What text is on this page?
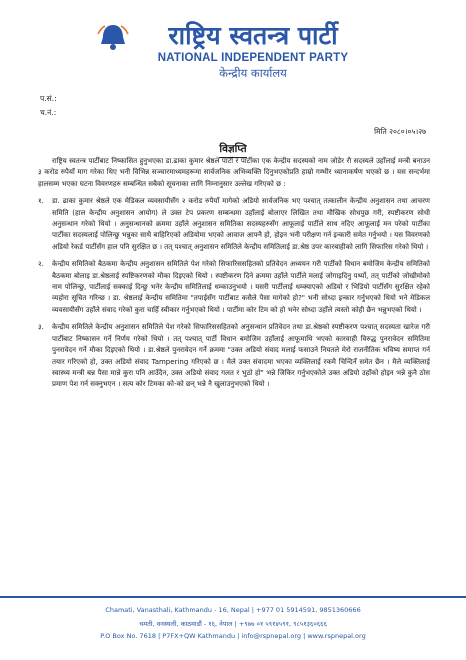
राष्ट्रिय स्वतन्त्र पार्टी
NATIONAL INDEPENDENT PARTY
केन्द्रीय कार्यालय
प.सं.:
च.नं.:
मिति २०८०।०५।२७
विज्ञप्ति

राष्ट्रिय स्वतन्त्र पार्टीबाट निष्कासित हुनुभएका डा.ढाका कुमार श्रेष्ठले पार्टी र पार्टीका एक केन्द्रीय सदस्यको नाम जोडेर रौ सदस्यले उहाँलाई मन्त्री बनाउन ३ करोड रुपैयाँ माग गरेका थिए भनी विभिन्न सञ्चारमाध्यमहरूमा सार्वजनिक अभिव्यक्ति दिनुभएकोप्रति हाम्रो गम्भीर ध्यानाकर्षण भएको छ । यस सन्दर्भमा हालसम्म भएका घटना विवरणहरु सम्बन्धित सबैको सूचनाका लागि निम्नानुसार उल्लेख गरिएको छ :

१.	डा. ढाका कुमार श्रेष्ठले एक मेडिकल व्यवसायीसँग २ करोड रुपैयाँ मागेको अडियो सार्वजनिक भए पश्चात् तत्कालीन केन्द्रीय अनुशासन तथा आचरण समिति (हाल केन्द्रीय अनुशासन आयोग) ले उक्त टेप प्रकरण सम्बन्धमा उहाँलाई बोलाएर लिखित तथा मौखिक सोधपुछ गरी, स्पष्टीकरण सोधी अनुसन्धान गरेको थियो । अनुसन्धानको क्रममा उहाँले अनुशासन समितिका सदस्यहरुसँग आफूलाई पार्टीले साथ नदिए आफूलाई मन परेको पार्टीका पार्टीका सदस्यलाई पोलिन्छु भन्नुका साथै बाहिरिएको अडियोमा भएको आवाज आफ्नै हो, होइन भनी परीक्षण गर्न इन्कारी समेत गर्नुभयो । यस विवरणको अडियो रेकर्ड पार्टीसँग हाल पनि सुरक्षित छ । तत् पश्चात् अनुशासन समितिले केन्द्रीय समितिलाई डा.श्रेष्ठ उपर कारबाहीको लागि सिफारिस गरेको थियो ।

२.	केन्द्रीय समितिको बैठकमा केन्द्रीय अनुशासन समितिले पेश गरेको सिफारिससहितको प्रतिवेदन अध्ययन गरी पार्टीको विधान बमोजिम केन्द्रीय समितिको बैठकमा बोलाइ डा.श्रेष्ठलाई स्पष्टिकरणको मौका दिइएको थियो । स्पष्टीकरण दिने क्रममा उहाँले पार्टीले मलाई जोगाइदिनु पर्थ्यो, तत् पार्टीको जोखीमोको नाम पोलिन्छु, पार्टीलाई सक्काई दिन्छु भनेर केन्द्रीय समितिलाई धम्काउनुभयो । यसरी पार्टीलाई धम्क्याएको अडियो र भिडियो पार्टीसँग सुरक्षित रहेको व्यहोरा सूचित गरिन्छ । डा. श्रेष्ठलाई केन्द्रीय समितिमा "तपाईसँग पार्टीबाट कसैले पैसा मागेको हो?" भनी सोध्दा इन्कार गर्नुभएको थियो भने मेडिकल व्यवसायीसँग उहाँले संवाद गरेको कुरा चाहिँ स्वीकार गर्नुभएको थियो । पार्टीमा कोर टिम को हो भनेर सोध्दा उहाँले त्यस्तो कोही छैन भन्नुभएको थियो ।

३.	केन्द्रीय समितिले केन्द्रीय अनुशासन समितिले पेश गरेको सिफारिससहितको अनुसन्धान प्रतिवेदन तथा डा.श्रेष्ठको स्पष्टीकरण पश्चात् सदस्यता खारेज गरी पार्टीबाट निष्कासन गर्ने निर्णय गरेको थियो । तत् पश्चात् पार्टी विधान बमोजिम उहाँलाई आफूमाथि भएको कारवाही विरुद्ध पुनरावेदन समितिमा पुनरावेदन गर्ने मौका दिइएको थियो । डा.श्रेष्ठले पुनरावेदन गर्ने क्रममा "उक्त अडियो संवाद मलाई फसाउने नियतले मेरो राजनीतिक भविष्य समाप्त गर्न तयार गरिएको हो, उक्त अडियो संवाद Tampering गरिएको छ । मैले उक्त संवादमा भएका व्यक्तिलाई रकमै चिन्दिनँ समेत छैन । मैले व्यक्तिलाई स्वास्थ्य मन्त्री बन्न पैसा मान्ने कुरा पनि आउँदैन, उक्त अडियो संवाद गलत र भुठो हो" भन्ने जिकिर गर्नुभएकोले उक्त अडियो उहाँको होइन भन्ने कुनै ठोस प्रमाण पेश गर्न सक्नुभएन । सत्य कोर टिमका को-को छन् भन्ने नै खुलाउनुभएको थियो ।

Chamati, Vanasthali, Kathmandu - 16, Nepal | +977 01 5914591, 9851360666
चमती, वनस्थली, काठमाडौं - १६, नेपाल | +९७७ ०१ ५९१४५९१, ९८५१३६०६६६
P.O Box No. 7618 | P7FX+QW Kathmandu | info@rspnepal.org | www.rspnepal.org
